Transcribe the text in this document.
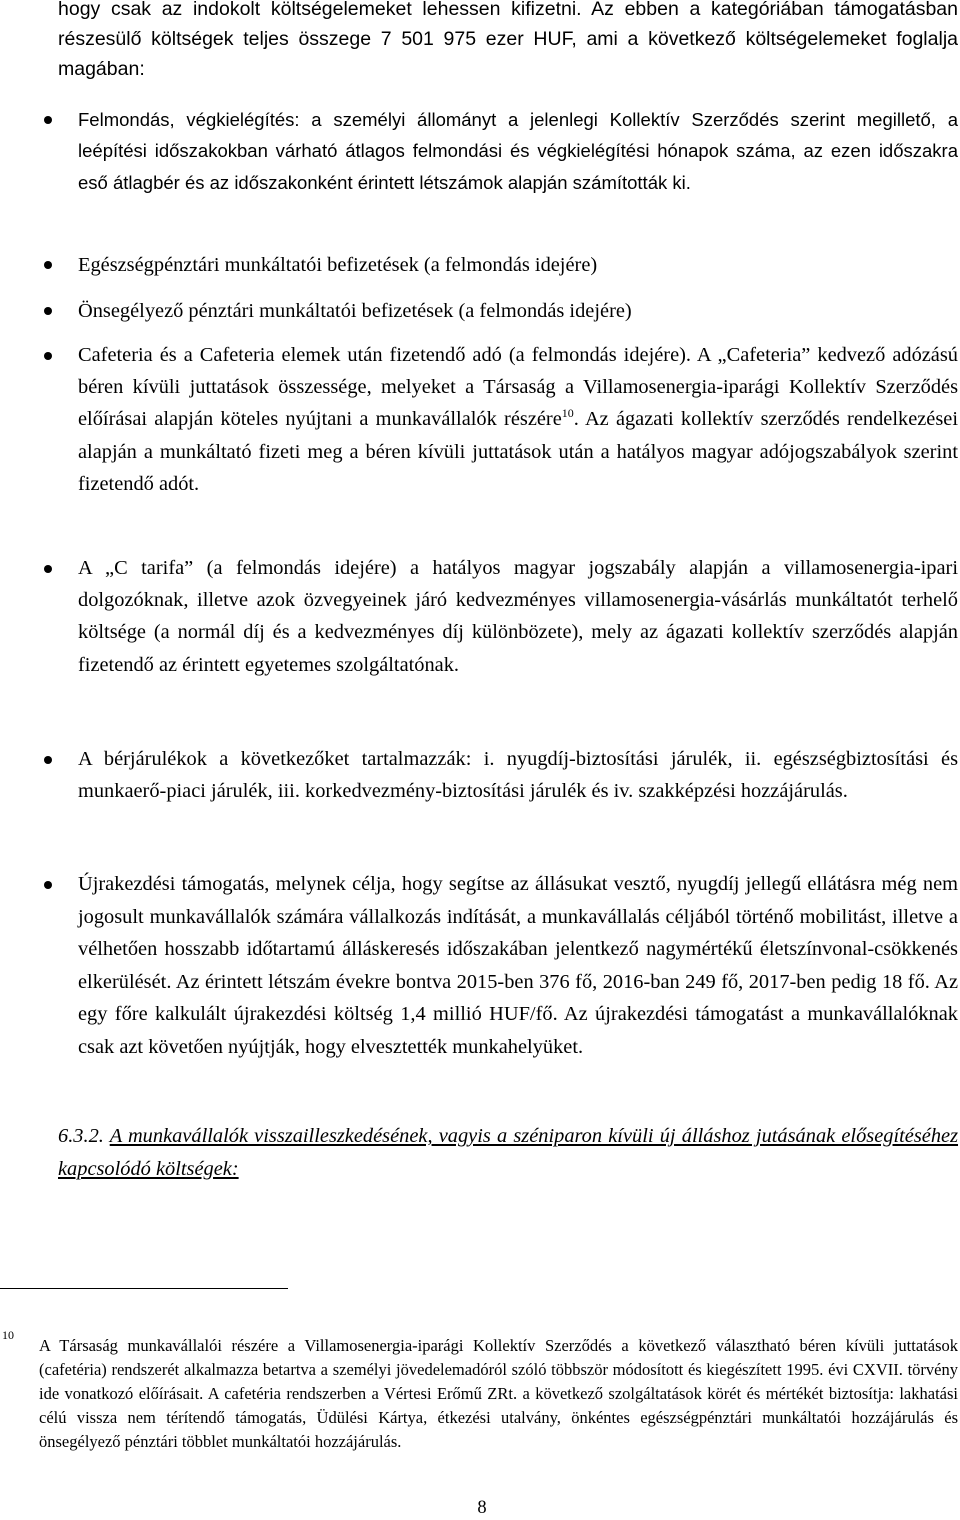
hogy csak az indokolt költségelemeket lehessen kifizetni. Az ebben a kategóriában támogatásban részesülő költségek teljes összege 7 501 975 ezer HUF, ami a következő költségelemeket foglalja magában:

Felmondás, végkielégítés: a személyi állományt a jelenlegi Kollektív Szerződés szerint megillető, a leépítési időszakokban várható átlagos felmondási és végkielégítési hónapok száma, az ezen időszakra eső átlagbér és az időszakonként érintett létszámok alapján számították ki.
Egészségpénztári munkáltatói befizetések (a felmondás idejére)
Önsegélyező pénztári munkáltatói befizetések (a felmondás idejére)
Cafeteria és a Cafeteria elemek után fizetendő adó (a felmondás idejére). A „Cafeteria” kedvező adózású béren kívüli juttatások összessége, melyeket a Társaság a Villamosenergia-iparági Kollektív Szerződés előírásai alapján köteles nyújtani a munkavállalók részére$^{10}$. Az ágazati kollektív szerződés rendelkezései alapján a munkáltató fizeti meg a béren kívüli juttatások után a hatályos magyar adójogszabályok szerint fizetendő adót.
A „C tarifa” (a felmondás idejére) a hatályos magyar jogszabály alapján a villamosenergia-ipari dolgozóknak, illetve azok özvegyeinek járó kedvezményes villamosenergia-vásárlás munkáltatót terhelő költsége (a normál díj és a kedvezményes díj különbözete), mely az ágazati kollektív szerződés alapján fizetendő az érintett egyetemes szolgáltatónak.
A bérjárulékok a következőket tartalmazzák: i. nyugdíj-biztosítási járulék, ii. egészségbiztosítási és munkaerő-piaci járulék, iii. korkedvezmény-biztosítási járulék és iv. szakképzési hozzájárulás.
Újrakezdési támogatás, melynek célja, hogy segítse az állásukat vesztő, nyugdíj jellegű ellátásra még nem jogosult munkavállalók számára vállalkozás indítását, a munkavállalás céljából történő mobilitást, illetve a vélhetően hosszabb időtartamú álláskeresés időszakában jelentkező nagymértékű életszínvonal-csökkenés elkerülését. Az érintett létszám évekre bontva 2015-ben 376 fő, 2016-ban 249 fő, 2017-ben pedig 18 fő. Az egy főre kalkulált újrakezdési költség 1,4 millió HUF/fő. Az újrakezdési támogatást a munkavállalóknak csak azt követően nyújtják, hogy elvesztették munkahelyüket.

6.3.2. A munkavállalók visszailleszkedésének, vagyis a széniparon kívüli új álláshoz jutásának elősegítéséhez kapcsolódó költségek:

10

A Társaság munkavállalói részére a Villamosenergia-iparági Kollektív Szerződés a következő választható béren kívüli juttatások (cafetéria) rendszerét alkalmazza betartva a személyi jövedelemadóról szóló többször módosított és kiegészített 1995. évi CXVII. törvény ide vonatkozó előírásait. A cafetéria rendszerben a Vértesi Erőmű ZRt. a következő szolgáltatások körét és mértékét biztosítja: lakhatási célú vissza nem térítendő támogatás, Üdülési Kártya, étkezési utalvány, önkéntes egészségpénztári munkáltatói hozzájárulás és önsegélyező pénztári többlet munkáltatói hozzájárulás.

8
